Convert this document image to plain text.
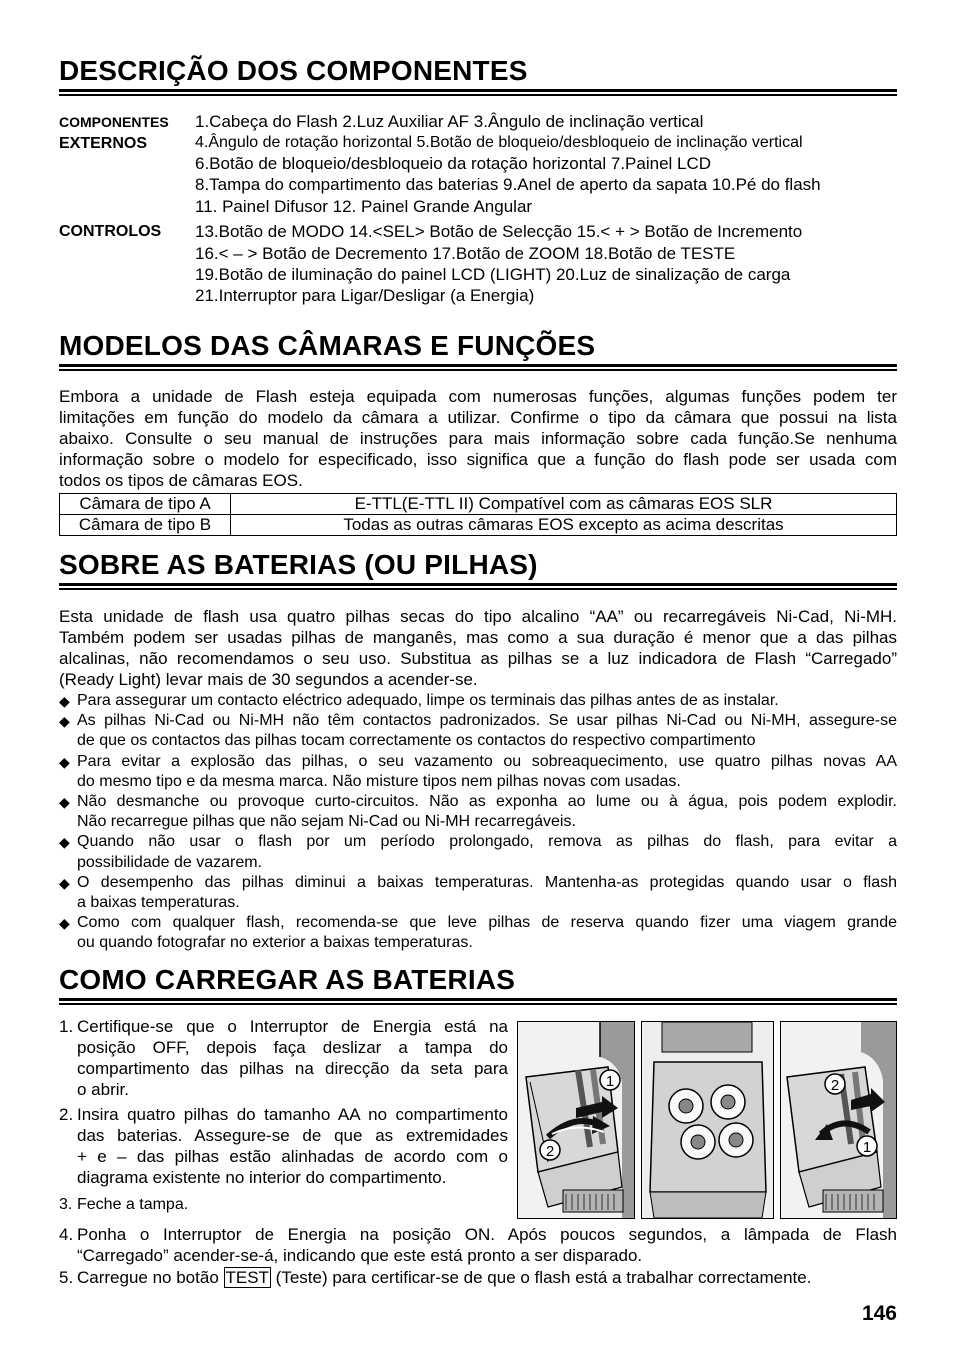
DESCRIÇÃO DOS COMPONENTES
COMPONENTES
EXTERNOS
1.Cabeça do Flash 2.Luz Auxiliar AF 3.Ângulo de inclinação vertical
4.Ângulo de rotação horizontal 5.Botão de bloqueio/desbloqueio de inclinação vertical
6.Botão de bloqueio/desbloqueio da rotação horizontal 7.Painel LCD
8.Tampa do compartimento das baterias 9.Anel de aperto da sapata 10.Pé do flash
11. Painel Difusor 12. Painel Grande Angular
CONTROLOS 13.Botão de MODO 14.<SEL> Botão de Selecção 15.< + > Botão de Incremento
16.< – > Botão de Decremento 17.Botão de ZOOM 18.Botão de TESTE
19.Botão de iluminação do painel LCD (LIGHT) 20.Luz de sinalização de carga
21.Interruptor para Ligar/Desligar (a Energia)
MODELOS DAS CÂMARAS E FUNÇÕES
Embora a unidade de Flash esteja equipada com numerosas funções, algumas funções podem ter
limitações em função do modelo da câmara a utilizar. Confirme o tipo da câmara que possui na lista
abaixo. Consulte o seu manual de instruções para mais informação sobre cada função.Se nenhuma
informação sobre o modelo for especificado, isso significa que a função do flash pode ser usada com
todos os tipos de câmaras EOS.
Câmara de tipo A	E-TTL(E-TTL II) Compatível com as câmaras EOS SLR
Câmara de tipo B	Todas as outras câmaras EOS excepto as acima descritas
SOBRE AS BATERIAS (OU PILHAS)
Esta unidade de flash usa quatro pilhas secas do tipo alcalino “AA” ou recarregáveis Ni-Cad, Ni-MH.
Também podem ser usadas pilhas de manganês, mas como a sua duração é menor que a das pilhas
alcalinas, não recomendamos o seu uso. Substitua as pilhas se a luz indicadora de Flash “Carregado”
(Ready Light) levar mais de 30 segundos a acender-se.
◆ Para assegurar um contacto eléctrico adequado, limpe os terminais das pilhas antes de as instalar.
◆ As pilhas Ni-Cad ou Ni-MH não têm contactos padronizados. Se usar pilhas Ni-Cad ou Ni-MH, assegure-se
de que os contactos das pilhas tocam correctamente os contactos do respectivo compartimento
◆ Para evitar a explosão das pilhas, o seu vazamento ou sobreaquecimento, use quatro pilhas novas AA
do mesmo tipo e da mesma marca. Não misture tipos nem pilhas novas com usadas.
◆ Não desmanche ou provoque curto-circuitos. Não as exponha ao lume ou à água, pois podem explodir.
Não recarregue pilhas que não sejam Ni-Cad ou Ni-MH recarregáveis.
◆ Quando não usar o flash por um período prolongado, remova as pilhas do flash, para evitar a
possibilidade de vazarem.
◆ O desempenho das pilhas diminui a baixas temperaturas. Mantenha-as protegidas quando usar o flash
a baixas temperaturas.
◆ Como com qualquer flash, recomenda-se que leve pilhas de reserva quando fizer uma viagem grande
ou quando fotografar no exterior a baixas temperaturas.
COMO CARREGAR AS BATERIAS
1. Certifique-se que o Interruptor de Energia está na
posição OFF, depois faça deslizar a tampa do
compartimento das pilhas na direcção da seta para
o abrir.
2. Insira quatro pilhas do tamanho AA no compartimento
das baterias. Assegure-se de que as extremidades
+ e – das pilhas estão alinhadas de acordo com o
diagrama existente no interior do compartimento.
3. Feche a tampa.
4. Ponha o Interruptor de Energia na posição ON. Após poucos segundos, a lâmpada de Flash
“Carregado” acender-se-á, indicando que este está pronto a ser disparado.
5. Carregue no botão TEST (Teste) para certificar-se de que o flash está a trabalhar correctamente.
1
2
2
1
146
